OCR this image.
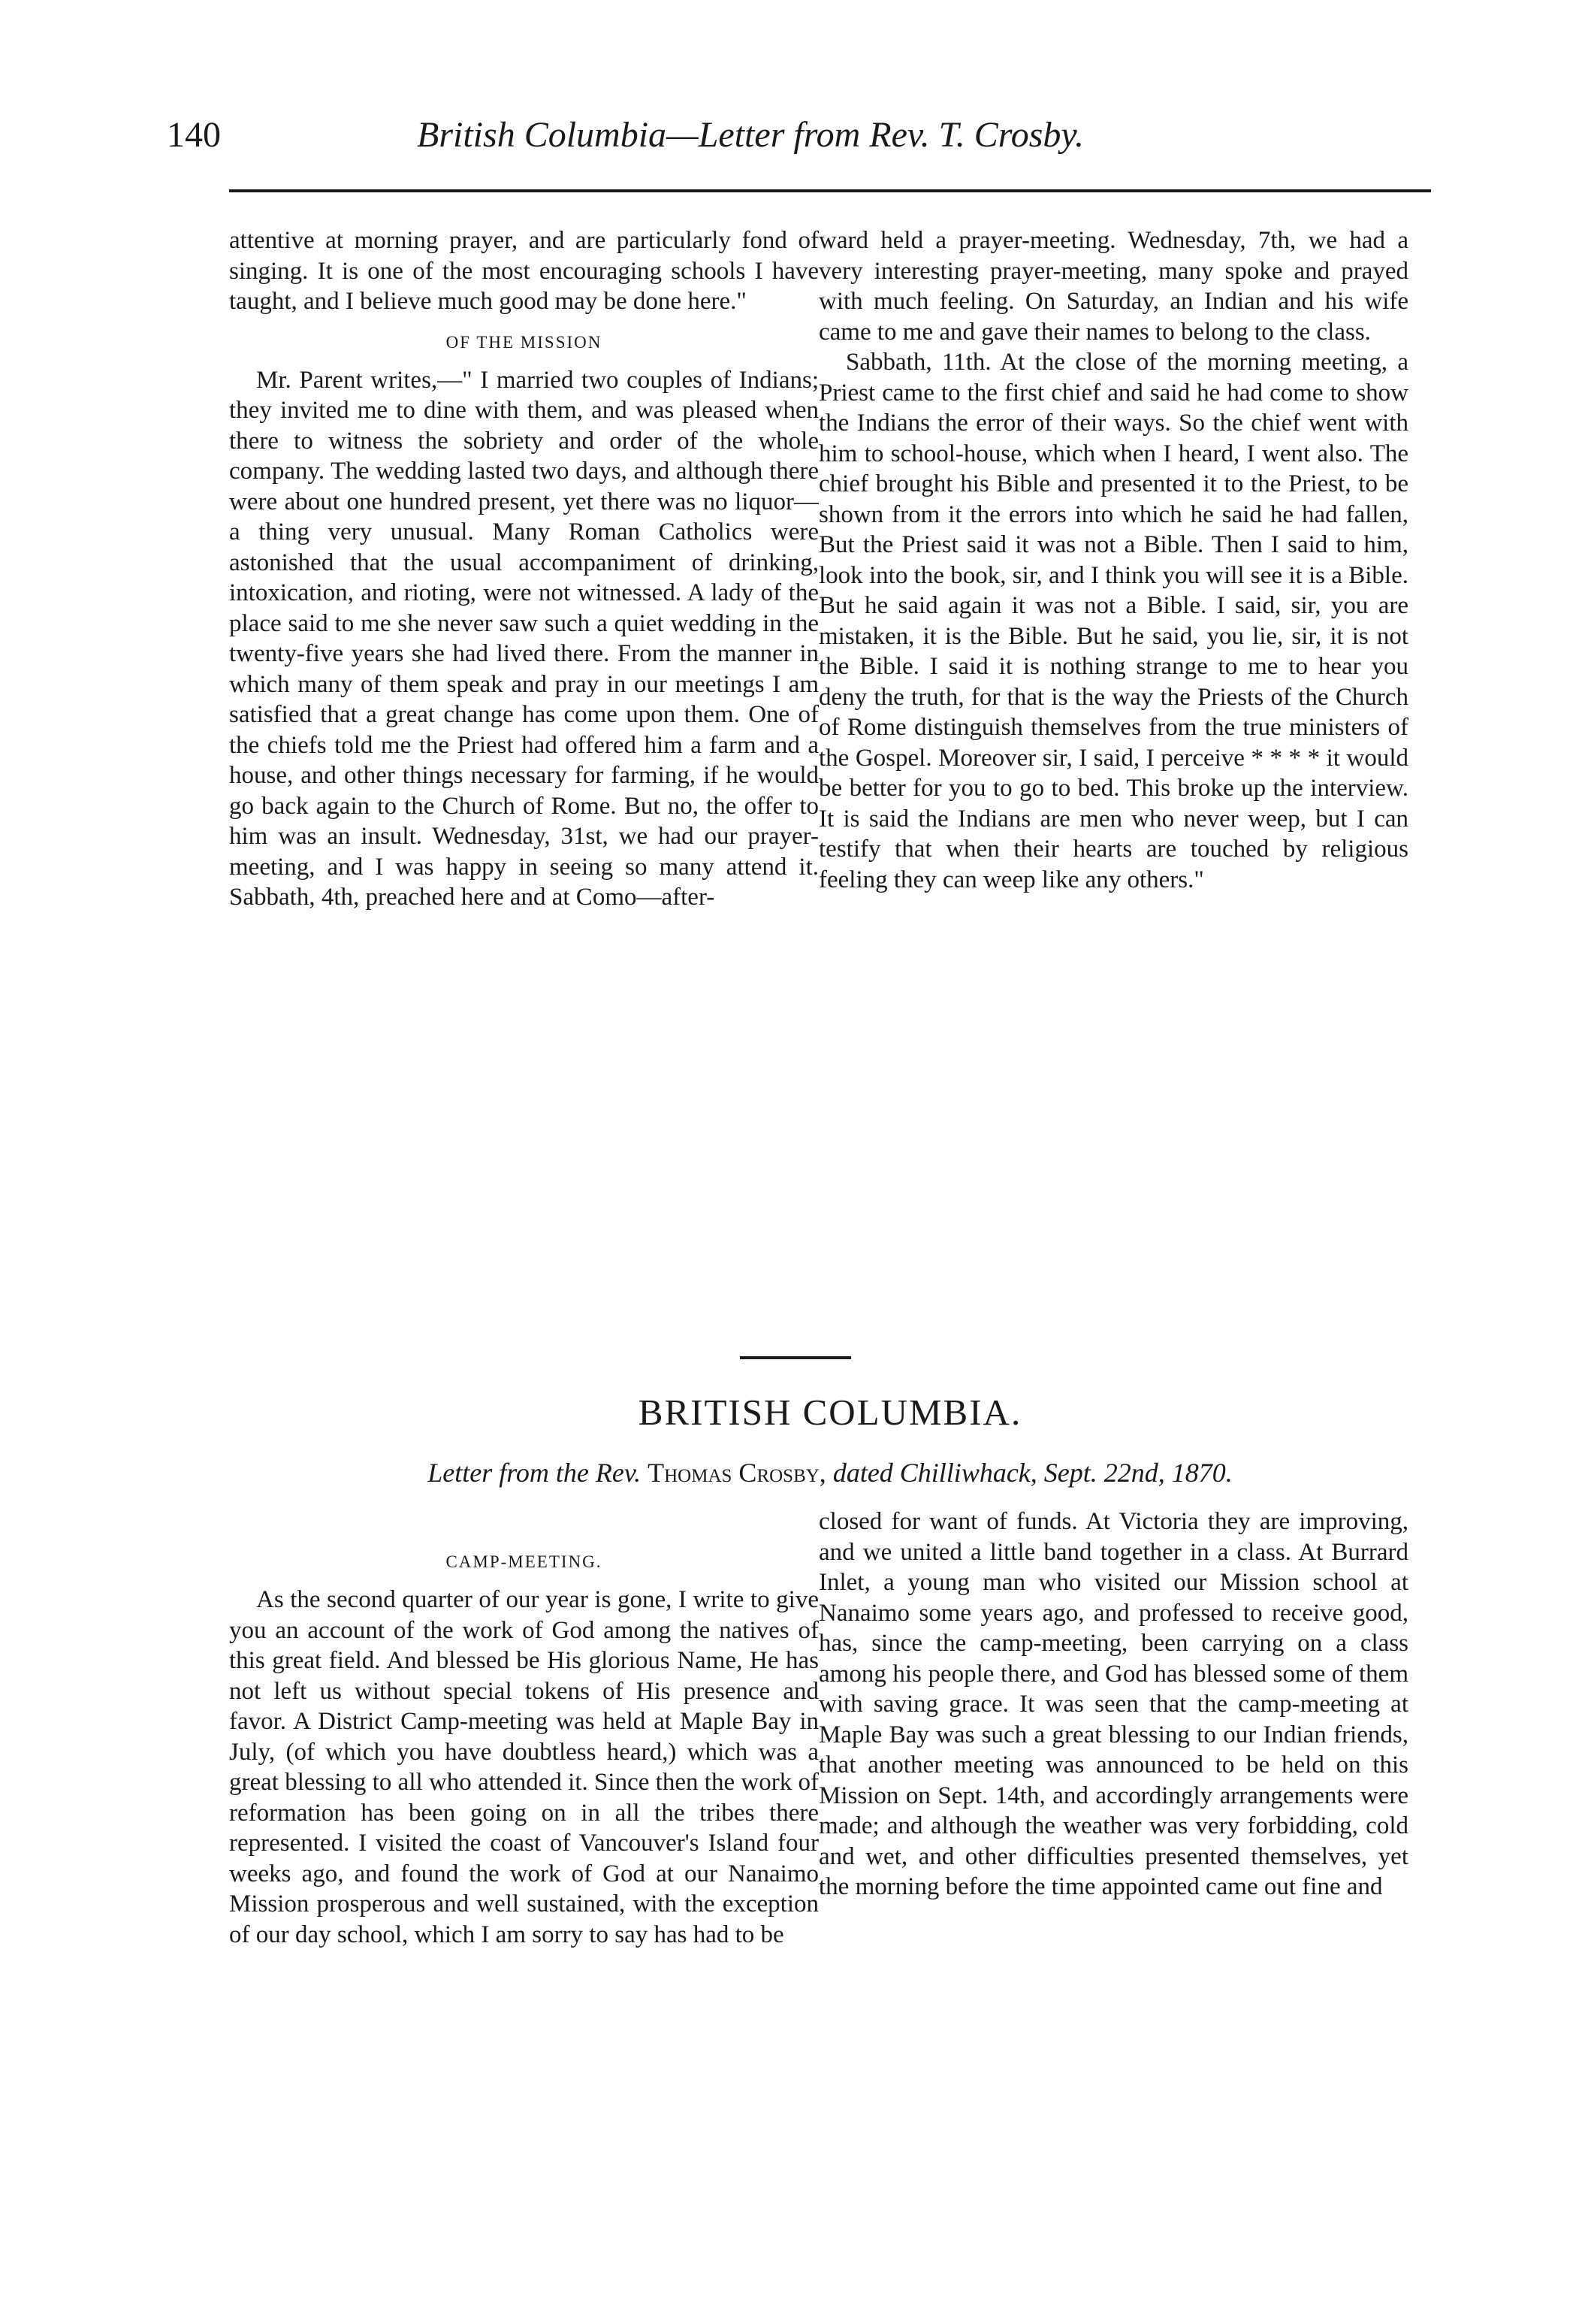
140	British Columbia—Letter from Rev. T. Crosby.

attentive at morning prayer, and are particularly fond of singing. It is one of the most encouraging schools I have taught, and I believe much good may be done here."

OF THE MISSION

Mr. Parent writes,—" I married two couples of Indians; they invited me to dine with them, and was pleased when there to witness the sobriety and order of the whole company. The wedding lasted two days, and although there were about one hundred present, yet there was no liquor—a thing very unusual. Many Roman Catholics were astonished that the usual accompaniment of drinking, intoxication, and rioting, were not witnessed. A lady of the place said to me she never saw such a quiet wedding in the twenty-five years she had lived there. From the manner in which many of them speak and pray in our meetings I am satisfied that a great change has come upon them. One of the chiefs told me the Priest had offered him a farm and a house, and other things necessary for farming, if he would go back again to the Church of Rome. But no, the offer to him was an insult. Wednesday, 31st, we had our prayer-meeting, and I was happy in seeing so many attend it. Sabbath, 4th, preached here and at Como—after-

ward held a prayer-meeting. Wednesday, 7th, we had a very interesting prayer-meeting, many spoke and prayed with much feeling. On Saturday, an Indian and his wife came to me and gave their names to belong to the class.

Sabbath, 11th. At the close of the morning meeting, a Priest came to the first chief and said he had come to show the Indians the error of their ways. So the chief went with him to school-house, which when I heard, I went also. The chief brought his Bible and presented it to the Priest, to be shown from it the errors into which he said he had fallen, But the Priest said it was not a Bible. Then I said to him, look into the book, sir, and I think you will see it is a Bible. But he said again it was not a Bible. I said, sir, you are mistaken, it is the Bible. But he said, you lie, sir, it is not the Bible. I said it is nothing strange to me to hear you deny the truth, for that is the way the Priests of the Church of Rome distinguish themselves from the true ministers of the Gospel. Moreover sir, I said, I perceive * * * * it would be better for you to go to bed. This broke up the interview. It is said the Indians are men who never weep, but I can testify that when their hearts are touched by religious feeling they can weep like any others."

BRITISH COLUMBIA.
Letter from the Rev. Thomas Crosby, dated Chilliwhack, Sept. 22nd, 1870.
CAMP-MEETING.

As the second quarter of our year is gone, I write to give you an account of the work of God among the natives of this great field. And blessed be His glorious Name, He has not left us without special tokens of His presence and favor. A District Camp-meeting was held at Maple Bay in July, (of which you have doubtless heard,) which was a great blessing to all who attended it. Since then the work of reformation has been going on in all the tribes there represented. I visited the coast of Vancouver's Island four weeks ago, and found the work of God at our Nanaimo Mission prosperous and well sustained, with the exception of our day school, which I am sorry to say has had to be

closed for want of funds. At Victoria they are improving, and we united a little band together in a class. At Burrard Inlet, a young man who visited our Mission school at Nanaimo some years ago, and professed to receive good, has, since the camp-meeting, been carrying on a class among his people there, and God has blessed some of them with saving grace. It was seen that the camp-meeting at Maple Bay was such a great blessing to our Indian friends, that another meeting was announced to be held on this Mission on Sept. 14th, and accordingly arrangements were made; and although the weather was very forbidding, cold and wet, and other difficulties presented themselves, yet the morning before the time appointed came out fine and
